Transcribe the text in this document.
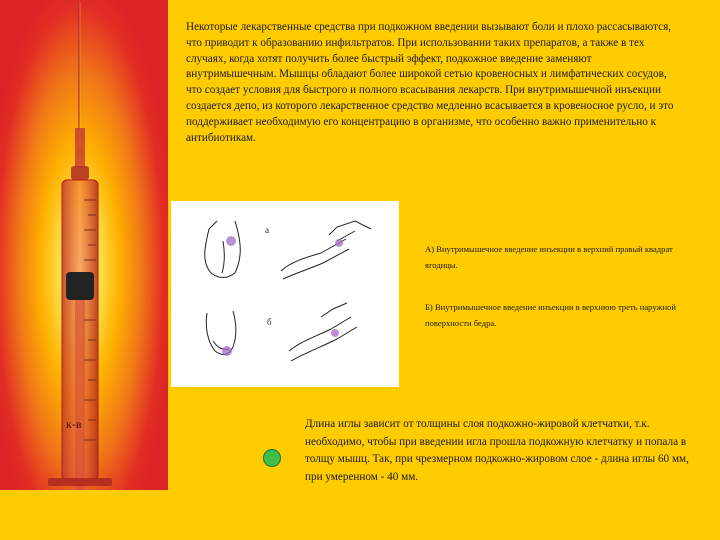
к-в

Некоторые лекарственные средства при подкожном введении вызывают боли и плохо рассасываются, что приводит к образованию инфильтратов. При использовании таких препаратов, а также в тех случаях, когда хотят получить более быстрый эффект, подкожное введение заменяют внутримышечным. Мышцы обладают более широкой сетью кровеносных и лимфатических сосудов, что создает условия для быстрого и полного всасывания лекарств. При внутримышечной инъекции создается депо, из которого лекарственное средство медленно всасывается в кровеносное русло, и это поддерживает необходимую его концентрацию в организме, что особенно важно применительно к антибиотикам.

а
б

А) Внутримышечное введение инъекции в верхний правый квадрат ягодицы.

Б) Внутримышечное введение инъекции в верхнюю треть наружной поверхности бедра.

Длина иглы зависит от толщины слоя подкожно-жировой клетчатки, т.к. необходимо, чтобы при введении игла прошла подкожную клетчатку и попала в толщу мышц. Так, при чрезмерном подкожно-жировом слое - длина иглы 60 мм, при умеренном - 40 мм.
